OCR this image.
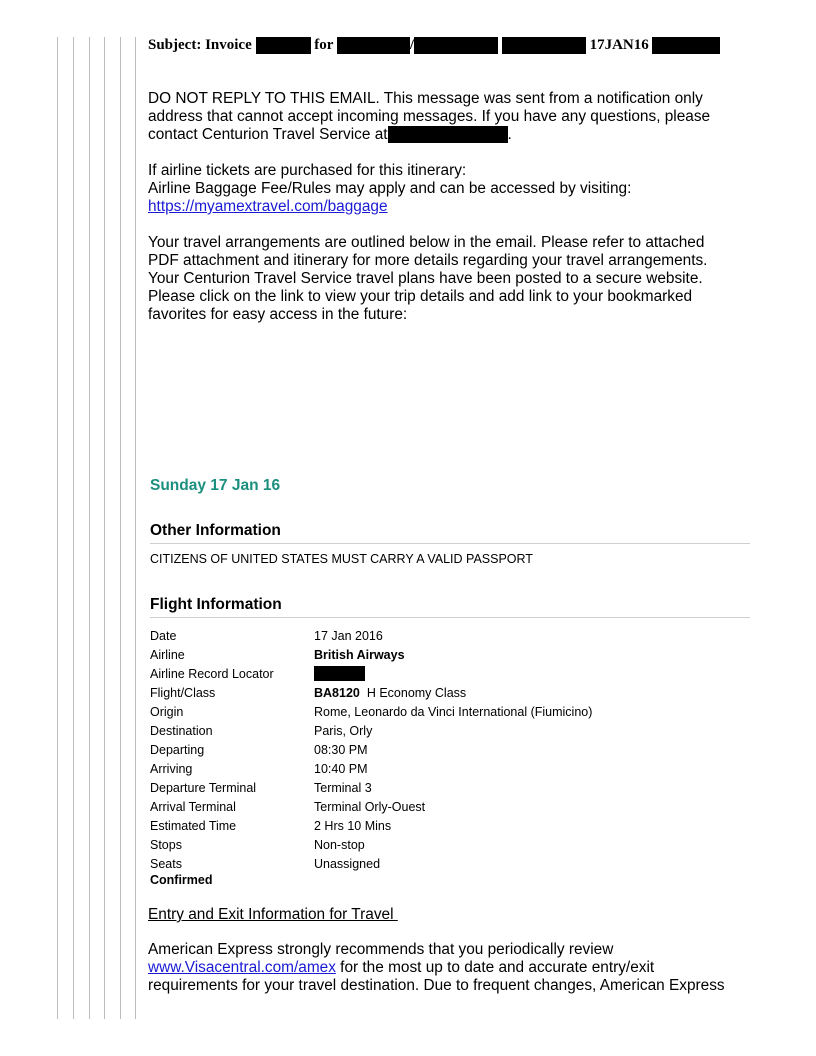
Subject: Invoice	for	/	17JAN16
DO NOT REPLY TO THIS EMAIL. This message was sent from a notification only
address that cannot accept incoming messages. If you have any questions, please
contact Centurion Travel Service at	.
If airline tickets are purchased for this itinerary:
Airline Baggage Fee/Rules may apply and can be accessed by visiting:
https://myamextravel.com/baggage
Your travel arrangements are outlined below in the email. Please refer to attached
PDF attachment and itinerary for more details regarding your travel arrangements.
Your Centurion Travel Service travel plans have been posted to a secure website.
Please click on the link to view your trip details and add link to your bookmarked
favorites for easy access in the future:
Sunday 17 Jan 16
Other Information
CITIZENS OF UNITED STATES MUST CARRY A VALID PASSPORT
Flight Information
Date	17 Jan 2016
Airline	British Airways
Airline Record Locator	
Flight/Class	BA8120 H Economy Class
Origin	Rome, Leonardo da Vinci International (Fiumicino)
Destination	Paris, Orly
Departing	08:30 PM
Arriving	10:40 PM
Departure Terminal	Terminal 3
Arrival Terminal	Terminal Orly-Ouest
Estimated Time	2 Hrs 10 Mins
Stops	Non-stop
Seats	Unassigned
Confirmed
Entry and Exit Information for Travel
American Express strongly recommends that you periodically review
www.Visacentral.com/amex for the most up to date and accurate entry/exit
requirements for your travel destination. Due to frequent changes, American Express
